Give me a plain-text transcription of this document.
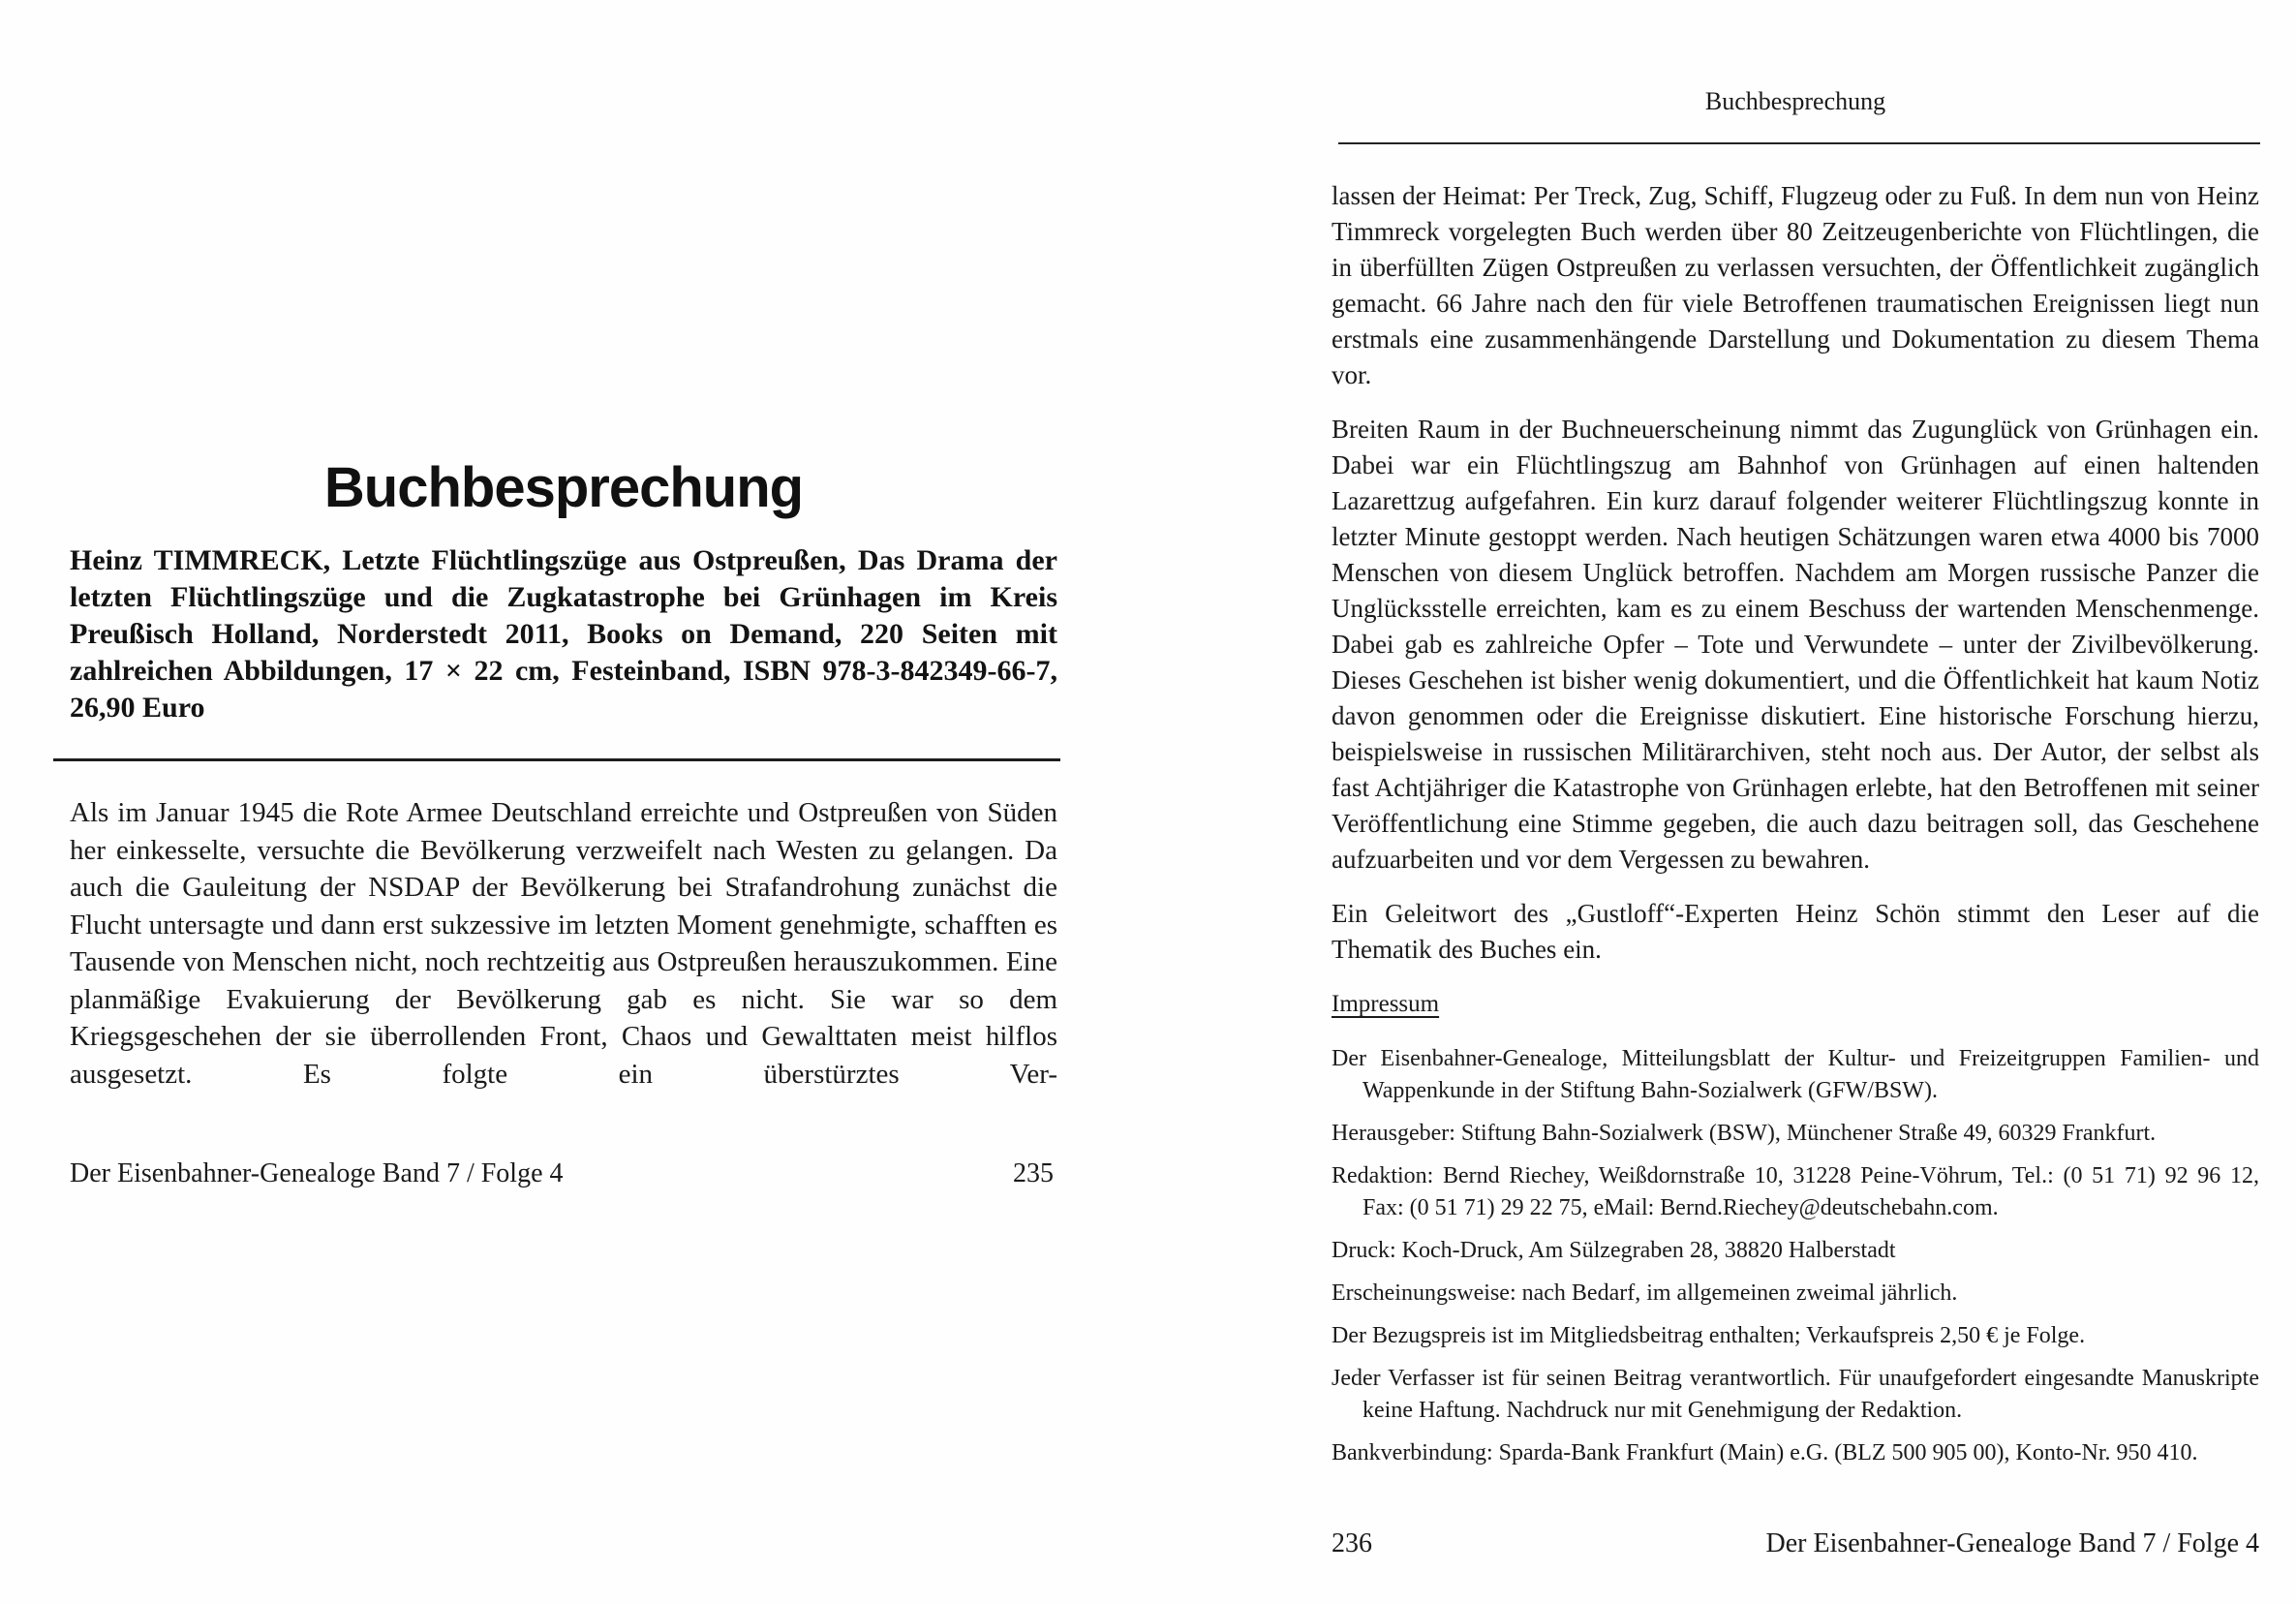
Buchbesprechung
Heinz TIMMRECK, Letzte Flüchtlingszüge aus Ostpreußen, Das Drama der letzten Flüchtlingszüge und die Zugkatastrophe bei Grünhagen im Kreis Preußisch Holland, Norderstedt 2011, Books on Demand, 220 Seiten mit zahlreichen Abbildungen, 17 × 22 cm, Festeinband, ISBN 978-3-842349-66-7, 26,90 Euro
Als im Januar 1945 die Rote Armee Deutschland erreichte und Ostpreußen von Süden her einkesselte, versuchte die Bevölkerung verzweifelt nach Westen zu gelangen. Da auch die Gauleitung der NSDAP der Bevölkerung bei Strafandrohung zunächst die Flucht untersagte und dann erst sukzessive im letzten Moment genehmigte, schafften es Tausende von Menschen nicht, noch rechtzeitig aus Ostpreußen herauszukommen. Eine planmäßige Evakuierung der Bevölkerung gab es nicht. Sie war so dem Kriegsgeschehen der sie überrollenden Front, Chaos und Gewalttaten meist hilflos ausgesetzt. Es folgte ein überstürztes Ver-
Der Eisenbahner-Genealoge Band 7 / Folge 4	235
Buchbesprechung

lassen der Heimat: Per Treck, Zug, Schiff, Flugzeug oder zu Fuß. In dem nun von Heinz Timmreck vorgelegten Buch werden über 80 Zeitzeugenberichte von Flüchtlingen, die in überfüllten Zügen Ostpreußen zu verlassen versuchten, der Öffentlichkeit zugänglich gemacht. 66 Jahre nach den für viele Betroffenen traumatischen Ereignissen liegt nun erstmals eine zusammenhängende Darstellung und Dokumentation zu diesem Thema vor.

Breiten Raum in der Buchneuerscheinung nimmt das Zugunglück von Grünhagen ein. Dabei war ein Flüchtlingszug am Bahnhof von Grünhagen auf einen haltenden Lazarettzug aufgefahren. Ein kurz darauf folgender weiterer Flüchtlingszug konnte in letzter Minute gestoppt werden. Nach heutigen Schätzungen waren etwa 4000 bis 7000 Menschen von diesem Unglück betroffen. Nachdem am Morgen russische Panzer die Unglücksstelle erreichten, kam es zu einem Beschuss der wartenden Menschenmenge. Dabei gab es zahlreiche Opfer – Tote und Verwundete – unter der Zivilbevölkerung. Dieses Geschehen ist bisher wenig dokumentiert, und die Öffentlichkeit hat kaum Notiz davon genommen oder die Ereignisse diskutiert. Eine historische Forschung hierzu, beispielsweise in russischen Militärarchiven, steht noch aus. Der Autor, der selbst als fast Achtjähriger die Katastrophe von Grünhagen erlebte, hat den Betroffenen mit seiner Veröffentlichung eine Stimme gegeben, die auch dazu beitragen soll, das Geschehene aufzuarbeiten und vor dem Vergessen zu bewahren.

Ein Geleitwort des „Gustloff“-Experten Heinz Schön stimmt den Leser auf die Thematik des Buches ein.

Impressum

Der Eisenbahner-Genealoge, Mitteilungsblatt der Kultur- und Freizeitgruppen Familien- und Wappenkunde in der Stiftung Bahn-Sozialwerk (GFW/BSW).

Herausgeber: Stiftung Bahn-Sozialwerk (BSW), Münchener Straße 49, 60329 Frankfurt.

Redaktion: Bernd Riechey, Weißdornstraße 10, 31228 Peine-Vöhrum, Tel.: (0 51 71) 92 96 12, Fax: (0 51 71) 29 22 75, eMail: Bernd.Riechey@deutschebahn.com.

Druck: Koch-Druck, Am Sülzegraben 28, 38820 Halberstadt

Erscheinungsweise: nach Bedarf, im allgemeinen zweimal jährlich.

Der Bezugspreis ist im Mitgliedsbeitrag enthalten; Verkaufspreis 2,50 € je Folge.

Jeder Verfasser ist für seinen Beitrag verantwortlich. Für unaufgefordert eingesandte Manuskripte keine Haftung. Nachdruck nur mit Genehmigung der Redaktion.

Bankverbindung: Sparda-Bank Frankfurt (Main) e.G. (BLZ 500 905 00), Konto-Nr. 950 410.

236	Der Eisenbahner-Genealoge Band 7 / Folge 4
